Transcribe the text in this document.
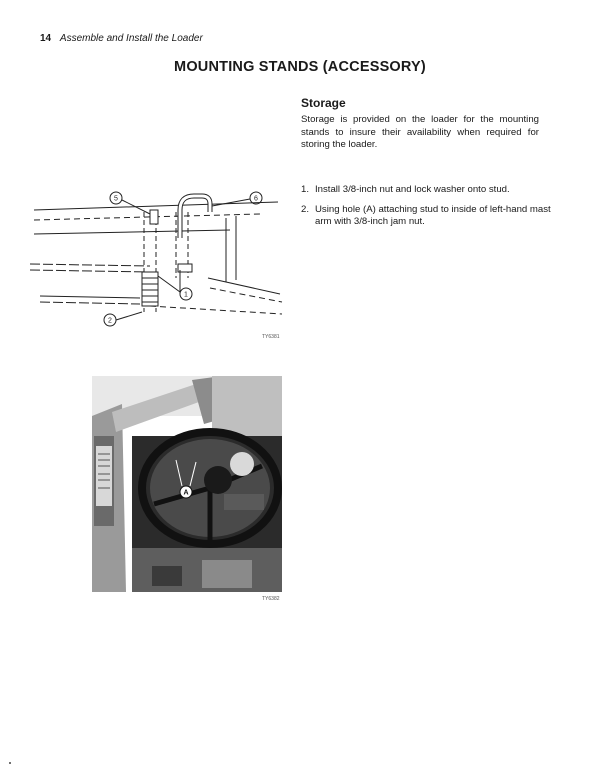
14 Assemble and Install the Loader
MOUNTING STANDS (ACCESSORY)
Storage
Storage is provided on the loader for the mounting stands to insure their availability when required for storing the loader.
1. Install 3/8-inch nut and lock washer onto stud.
2. Using hole (A) attaching stud to inside of left-hand mast arm with 3/8-inch jam nut.
5	6
1
2
TY6381
A
TY6382
